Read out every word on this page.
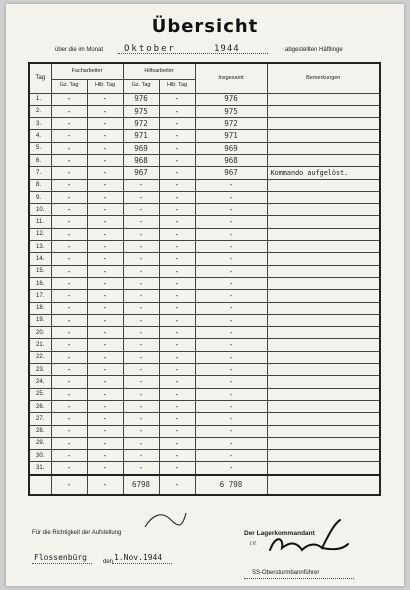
Übersicht
über die im Monat Oktober	1944	abgestellten Häftlinge
Tag	Facharbeiter		Hilfsarbeiter		Insgesamt	Bemerkungen
	Gz. Tag	Hlb. Tag	Gz. Tag	Hlb. Tag		
1.	-	-	976	-	976	
2.	-	-	975	-	975	
3.	-	-	972	-	972	
4.	-	-	971	-	971	
5.	-	-	969	-	969	
6.	-	-	968	-	968	
7.	-	-	967	-	967	Kommando aufgelöst.
8.	-	-	-	-	-	
9.	-	-	-	-	-	
10.	-	-	-	-	-	
11.	-	-	-	-	-	
12.	-	-	-	-	-	
13.	-	-	-	-	-	
14.	-	-	-	-	-	
15.	-	-	-	-	-	
16.	-	-	-	-	-	
17.	-	-	-	-	-	
18.	-	-	-	-	-	
19.	-	-	-	-	-	
20.	-	-	-	-	-	
21.	-	-	-	-	-	
22.	-	-	-	-	-	
23.	-	-	-	-	-	
24.	-	-	-	-	-	
25.	-	-	-	-	-	
26.	-	-	-	-	-	
27.	-	-	-	-	-	
28.	-	-	-	-	-	
29.	-	-	-	-	-	
30.	-	-	-	-	-	
31.	-	-	-	-	-	
	-	-	6798	-	6 798	
Für die Richtigkeit der Aufstellung
Flossenbürg	den 1.Nov.1944
Der Lagerkommandant
i.V.
SS-Obersturmbannführer
